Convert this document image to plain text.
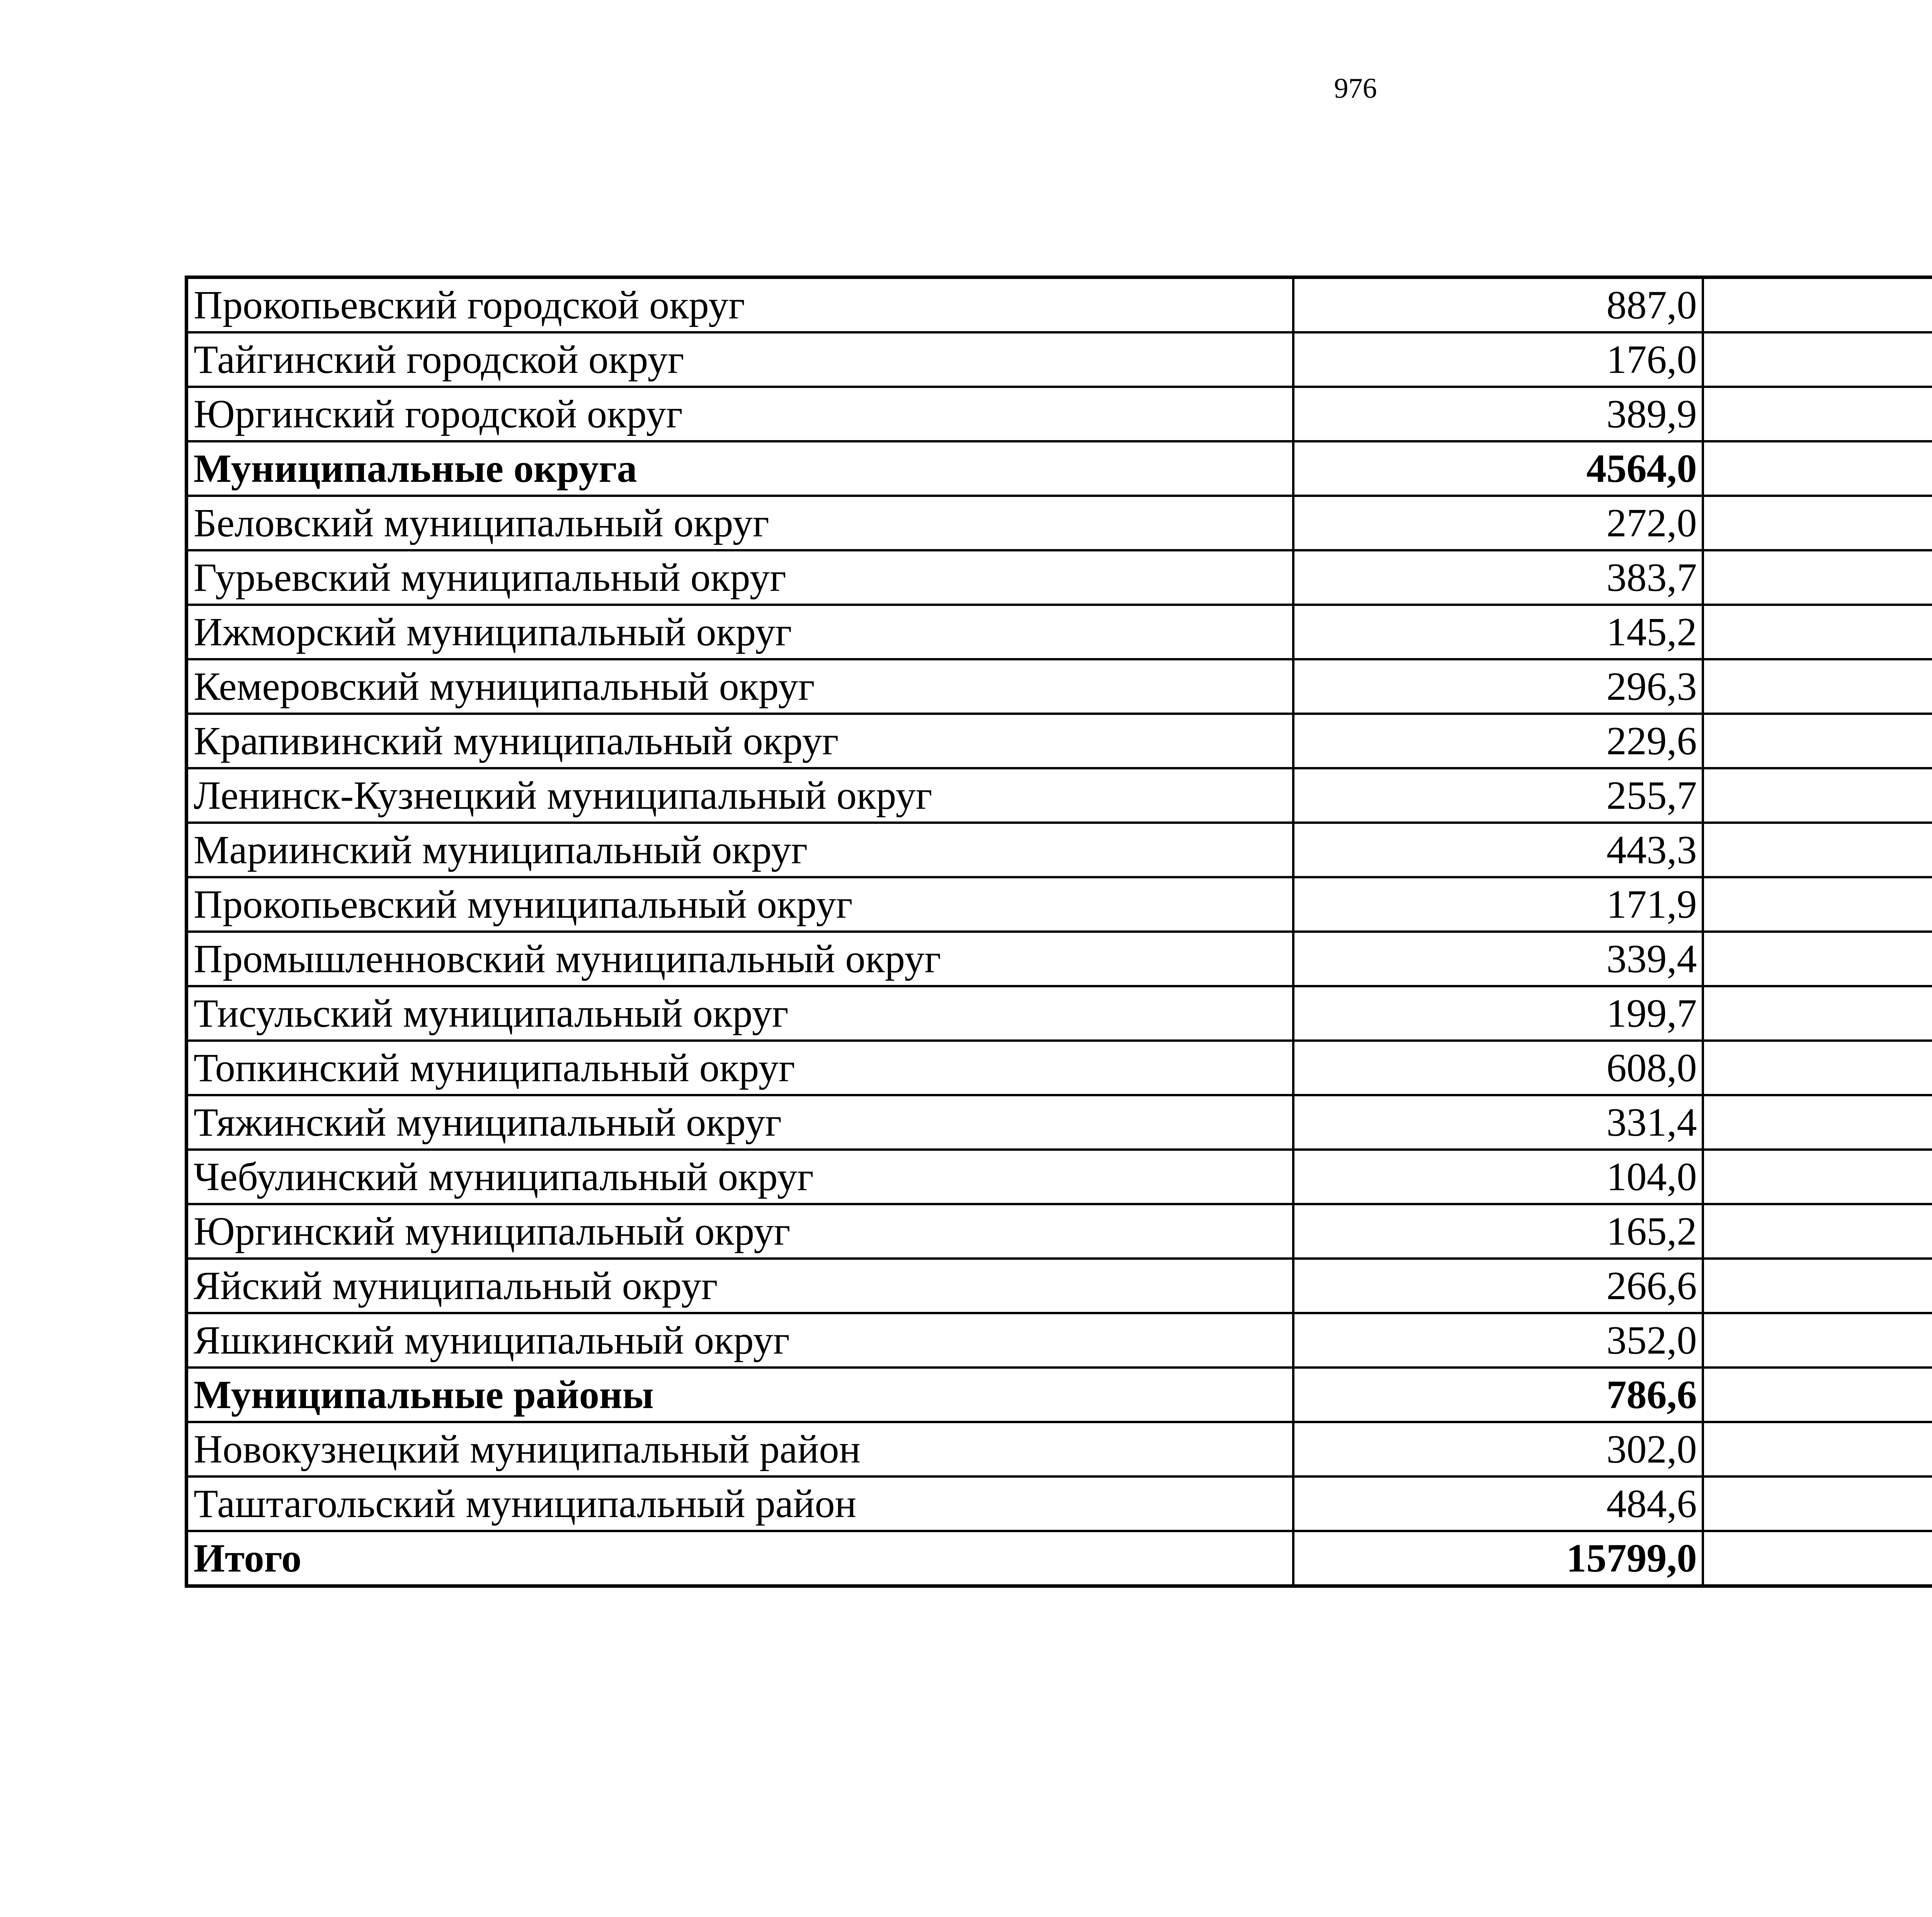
976
Прокопьевский городской округ	887,0		
Тайгинский городской округ	176,0		
Юргинский городской округ	389,9		
Муниципальные округа	4564,0		
Беловский муниципальный округ	272,0		
Гурьевский муниципальный округ	383,7		
Ижморский муниципальный округ	145,2		
Кемеровский муниципальный округ	296,3		
Крапивинский муниципальный округ	229,6		
Ленинск-Кузнецкий муниципальный округ	255,7		
Мариинский муниципальный округ	443,3		
Прокопьевский муниципальный округ	171,9		
Промышленновский муниципальный округ	339,4		
Тисульский муниципальный округ	199,7		
Топкинский муниципальный округ	608,0		
Тяжинский муниципальный округ	331,4		
Чебулинский муниципальный округ	104,0		
Юргинский муниципальный округ	165,2		
Яйский муниципальный округ	266,6		
Яшкинский муниципальный округ	352,0		
Муниципальные районы	786,6		
Новокузнецкий муниципальный район	302,0		
Таштагольский муниципальный район	484,6		
Итого	15799,0		
